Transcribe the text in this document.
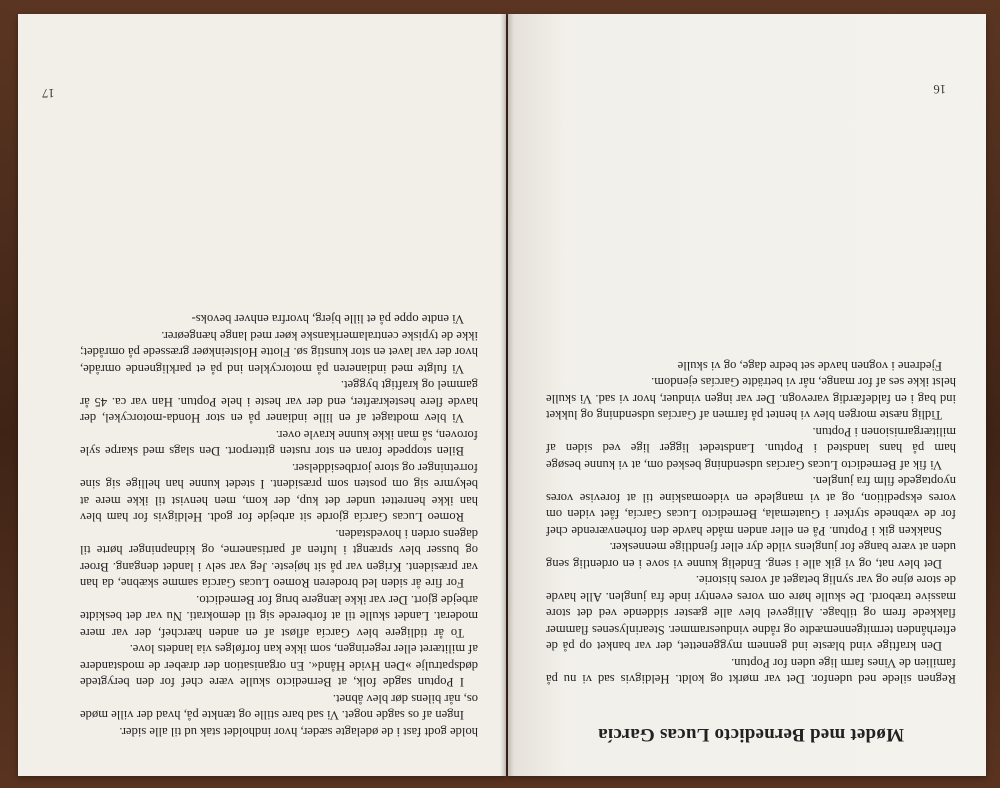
holde godt fast i de ødelagte sæder, hvor indholdet stak ud til alle sider.

Ingen af os sagde noget. Vi sad bare stille og tænkte på, hvad der ville møde os, når bilens dør blev åbnet.

I Poptun sagde folk, at Bernedicto skulle være chef for den berygtede dødspatrulje »Den Hvide Hånd«. En organisation der dræber de modstandere af militæret eller regeringen, som ikke kan forfølges via landets love.

To år tidligere blev García afløst af en anden hærchef, der var mere moderat. Landet skulle til at forberede sig til demokrati. Nu var det beskidte arbejde gjort. Der var ikke længere brug for Bernedicto.

For fire år siden led broderen Romeo Lucas García samme skæbne, da han var præsident. Krigen var på sit højeste. Jeg var selv i landet dengang. Broer og busser blev sprængt i luften af partisanerne, og kidnapninger hørte til dagens orden i hovedstaden.

Romeo Lucas García gjorde sit arbejde for godt. Heldigvis for ham blev han ikke henrettet under det kup, der kom, men henvist til ikke mere at bekymre sig om posten som præsident. I stedet kunne han hellige sig sine forretninger og store jordbesiddelser.

Bilen stoppede foran en stor rusten gitterport. Den slags med skarpe syle foroven, så man ikke kunne kravle over.

Vi blev modtaget af en lille indianer på en stor Honda-motorcykel, der havde flere hestekræfter, end der var heste i hele Poptun. Han var ca. 45 år gammel og kraftigt bygget.

Vi fulgte med indianeren på motorcyklen ind på et parklignende område, hvor der var lavet en stor kunstig sø. Flotte Holsteinkøer græssede på området; ikke de typiske centralamerikanske køer med lange hængeører.

Vi endte oppe på et lille bjerg, hvorfra enhver bevoks-

17
Mødet med Bernedicto Lucas García

Regnen silede ned udenfor. Det var mørkt og koldt. Heldigvis sad vi nu på familien de Vines farm lige uden for Poptun.

Den kraftige vind blæste ind gennem myggenettet, der var banket op på de efterhånden termitgennemædte og rådne vinduesrammer. Stearinlysenes flammer flakkede frem og tilbage. Alligevel blev alle gæster siddende ved det store massive træbord. De skulle høre om vores eventyr inde fra junglen. Alle havde de store øjne og var synlig betaget af vores historie.

Det blev nat, og vi gik alle i seng. Endelig kunne vi sove i en ordentlig seng uden at være bange for junglens vilde dyr eller fjendtlige mennesker.

Snakken gik i Poptun. På en eller anden måde havde den forhenværende chef for de væbnede styrker i Guatemala, Bernedicto Lucas García, fået viden om vores ekspedition, og at vi manglede en videomaskine til at forevise vores nyoptagede film fra junglen.

Vi fik af Bernedicto Lucas Garcías udsendning besked om, at vi kunne besøge ham på hans landsted i Poptun. Landstedet ligger lige ved siden af militærgarnisionen i Poptun.

Tidlig næste morgen blev vi hentet på farmen af Garcías udsendning og lukket ind bag i en faldefærdig varevogn. Der var ingen vinduer, hvor vi sad. Vi skulle helst ikke ses af for mange, når vi beträdte Garcías ejendom.

Fjedrene i vognen havde set bedre dage, og vi skulle

16
